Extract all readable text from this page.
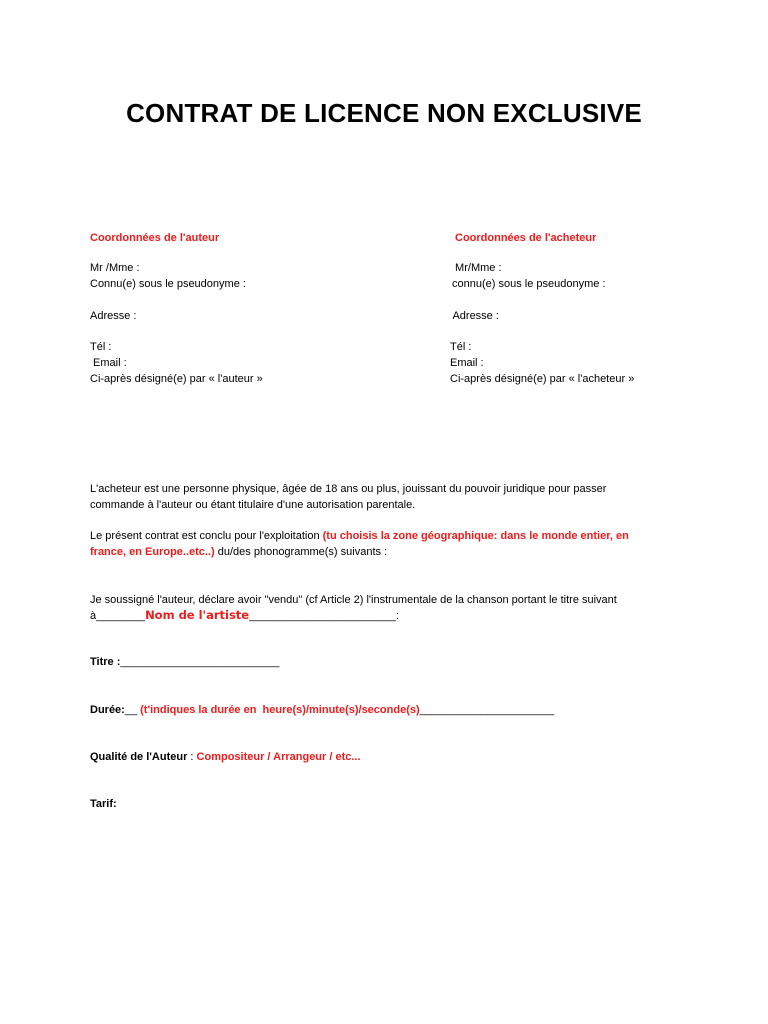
CONTRAT DE LICENCE NON EXCLUSIVE
Coordonnées de l'auteur
Mr /Mme :
Connu(e) sous le pseudonyme :
Adresse :
Tél :
Email :
Ci-après désigné(e) par « l'auteur »
Coordonnées de l'acheteur
Mr/Mme :
connu(e) sous le pseudonyme :
Adresse :
Tél :
Email :
Ci-après désigné(e) par « l'acheteur »
L'acheteur est une personne physique, âgée de 18 ans ou plus, jouissant du pouvoir juridique pour passer commande à l'auteur ou étant titulaire d'une autorisation parentale.
Le présent contrat est conclu pour l'exploitation (tu choisis la zone géographique: dans le monde entier, en france, en Europe..etc..) du/des phonogramme(s) suivants :
Je soussigné l'auteur, déclare avoir "vendu" (cf Article 2) l'instrumentale de la chanson portant le titre suivant
à________Nom de l'artiste________________________:
Titre :__________________________
Durée:__ (t'indiques la durée en  heure(s)/minute(s)/seconde(s)______________________
Qualité de l'Auteur : Compositeur / Arrangeur / etc...
Tarif:
